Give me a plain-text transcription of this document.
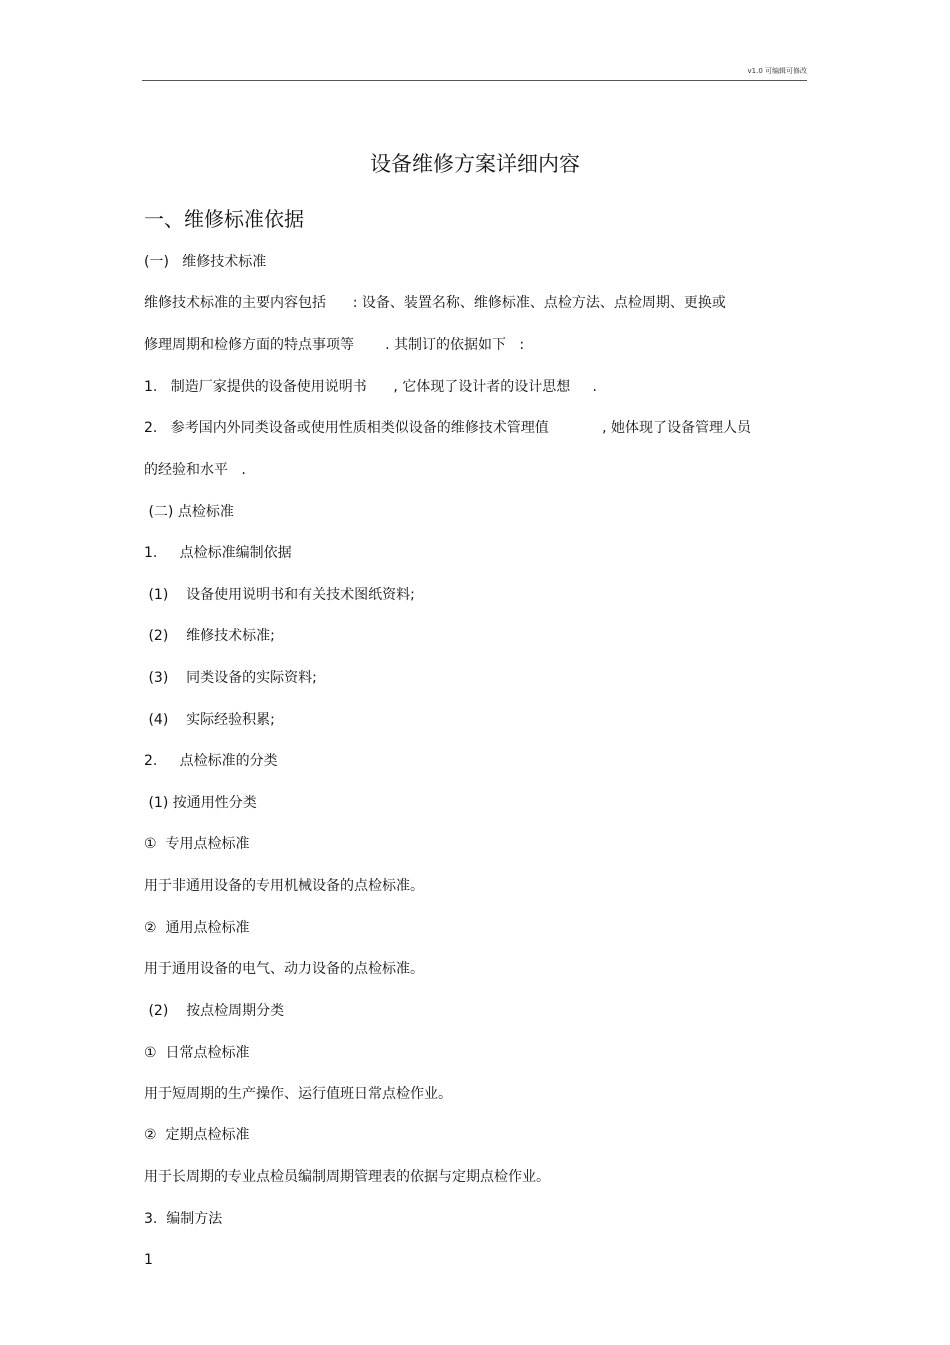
v1.0 可编辑可修改
设备维修方案详细内容
一、维修标准依据
(一)   维修技术标准
维修技术标准的主要内容包括      : 设备、装置名称、维修标准、点检方法、点检周期、更换或
修理周期和检修方面的特点事项等       . 其制订的依据如下   :
1.   制造厂家提供的设备使用说明书      , 它体现了设计者的设计思想     .
2.   参考国内外同类设备或使用性质相类似设备的维修技术管理值            , 她体现了设备管理人员
的经验和水平   .
(二) 点检标准
1.     点检标准编制依据
(1)    设备使用说明书和有关技术图纸资料;
(2)    维修技术标准;
(3)    同类设备的实际资料;
(4)    实际经验积累;
2.     点检标准的分类
(1) 按通用性分类
①  专用点检标准
用于非通用设备的专用机械设备的点检标准。
②  通用点检标准
用于通用设备的电气、动力设备的点检标准。
(2)    按点检周期分类
①  日常点检标准
用于短周期的生产操作、运行值班日常点检作业。
②  定期点检标准
用于长周期的专业点检员编制周期管理表的依据与定期点检作业。
3.  编制方法
1
